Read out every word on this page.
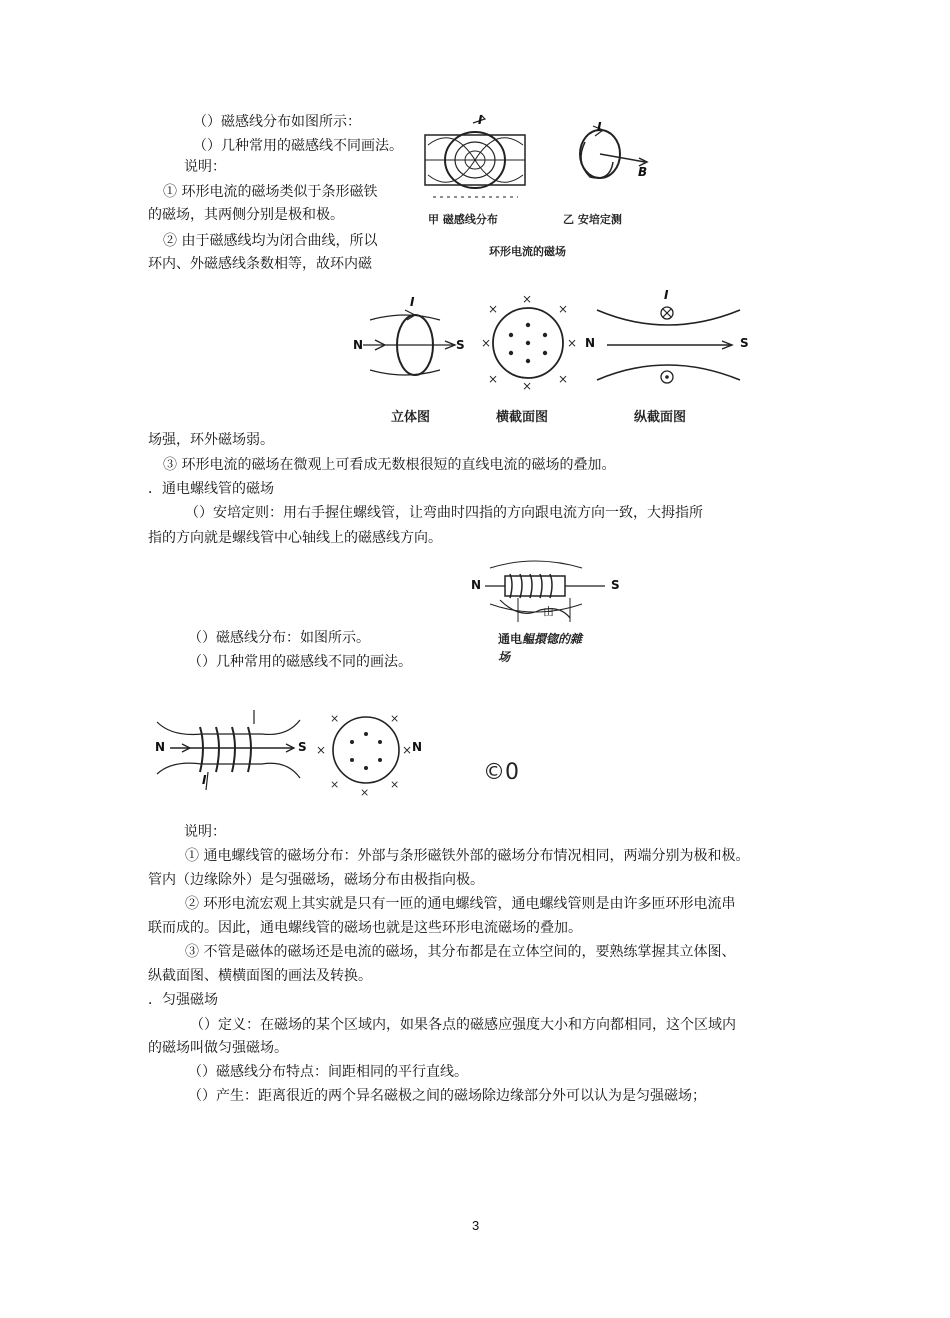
（）磁感线分布如图所示：
（）几种常用的磁感线不同画法。
说明：
① 环形电流的磁场类似于条形磁铁
的磁场，其两侧分别是极和极。
② 由于磁感线均为闭合曲线，所以
环内、外磁感线条数相等，故环内磁
场强，环外磁场弱。
③ 环形电流的磁场在微观上可看成无数根很短的直线电流的磁场的叠加。
．通电螺线管的磁场
（）安培定则：用右手握住螺线管，让弯曲时四指的方向跟电流方向一致，大拇指所
指的方向就是螺线管中心轴线上的磁感线方向。
（）磁感线分布：如图所示。
（）几种常用的磁感线不同的画法。
说明：
① 通电螺线管的磁场分布：外部与条形磁铁外部的磁场分布情况相同，两端分别为极和极。
管内（边缘除外）是匀强磁场，磁场分布由极指向极。
② 环形电流宏观上其实就是只有一匝的通电螺线管，通电螺线管则是由许多匝环形电流串
联而成的。因此，通电螺线管的磁场也就是这些环形电流磁场的叠加。
③ 不管是磁体的磁场还是电流的磁场，其分布都是在立体空间的，要熟练掌握其立体图、
纵截面图、横横面图的画法及转换。
．匀强磁场
（）定义：在磁场的某个区域内，如果各点的磁感应强度大小和方向都相同，这个区域内
的磁场叫做匀强磁场。
（）磁感线分布特点：间距相同的平行直线。
（）产生：距离很近的两个异名磁极之间的磁场除边缘部分外可以认为是匀强磁场；
I	I
B
甲 磁感线分布	乙 安培定测
环形电流的磁场
N	S
I
×	×
×	×
×
×	×
×
I
N	S
立体图	横截面图	纵截面图
N	S
由
通电鳁擐锪的雜
场
N	S
I
×	×
×	×
×	×
×
N
©0
3
